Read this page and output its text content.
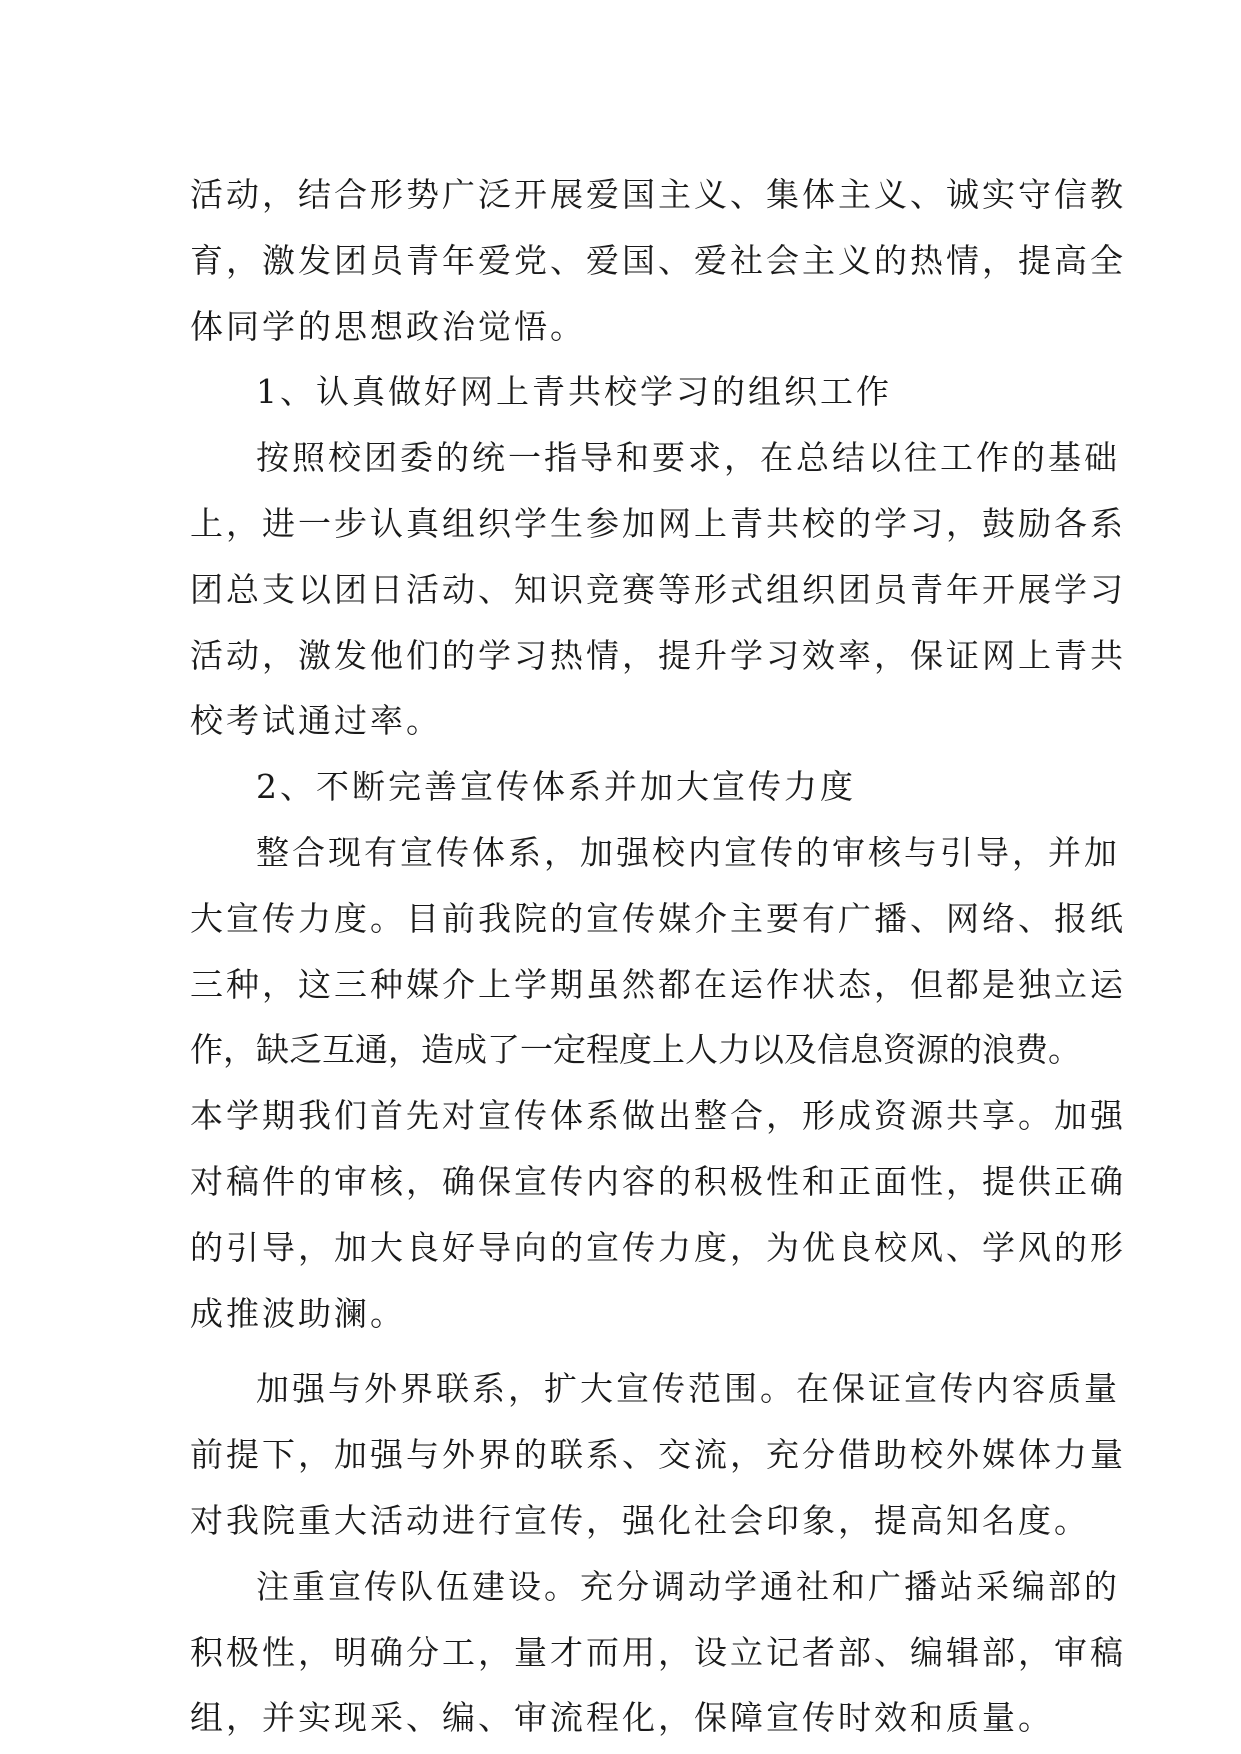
活动，结合形势广泛开展爱国主义、集体主义、诚实守信教
育，激发团员青年爱党、爱国、爱社会主义的热情，提高全
体同学的思想政治觉悟。
1、认真做好网上青共校学习的组织工作
按照校团委的统一指导和要求，在总结以往工作的基础
上，进一步认真组织学生参加网上青共校的学习，鼓励各系
团总支以团日活动、知识竞赛等形式组织团员青年开展学习
活动，激发他们的学习热情，提升学习效率，保证网上青共
校考试通过率。
2、不断完善宣传体系并加大宣传力度
整合现有宣传体系，加强校内宣传的审核与引导，并加
大宣传力度。目前我院的宣传媒介主要有广播、网络、报纸
三种，这三种媒介上学期虽然都在运作状态，但都是独立运
作，缺乏互通，造成了一定程度上人力以及信息资源的浪费。
本学期我们首先对宣传体系做出整合，形成资源共享。加强
对稿件的审核，确保宣传内容的积极性和正面性，提供正确
的引导，加大良好导向的宣传力度，为优良校风、学风的形
成推波助澜。
加强与外界联系，扩大宣传范围。在保证宣传内容质量
前提下，加强与外界的联系、交流，充分借助校外媒体力量
对我院重大活动进行宣传，强化社会印象，提高知名度。
注重宣传队伍建设。充分调动学通社和广播站采编部的
积极性，明确分工，量才而用，设立记者部、编辑部，审稿
组，并实现采、编、审流程化，保障宣传时效和质量。
